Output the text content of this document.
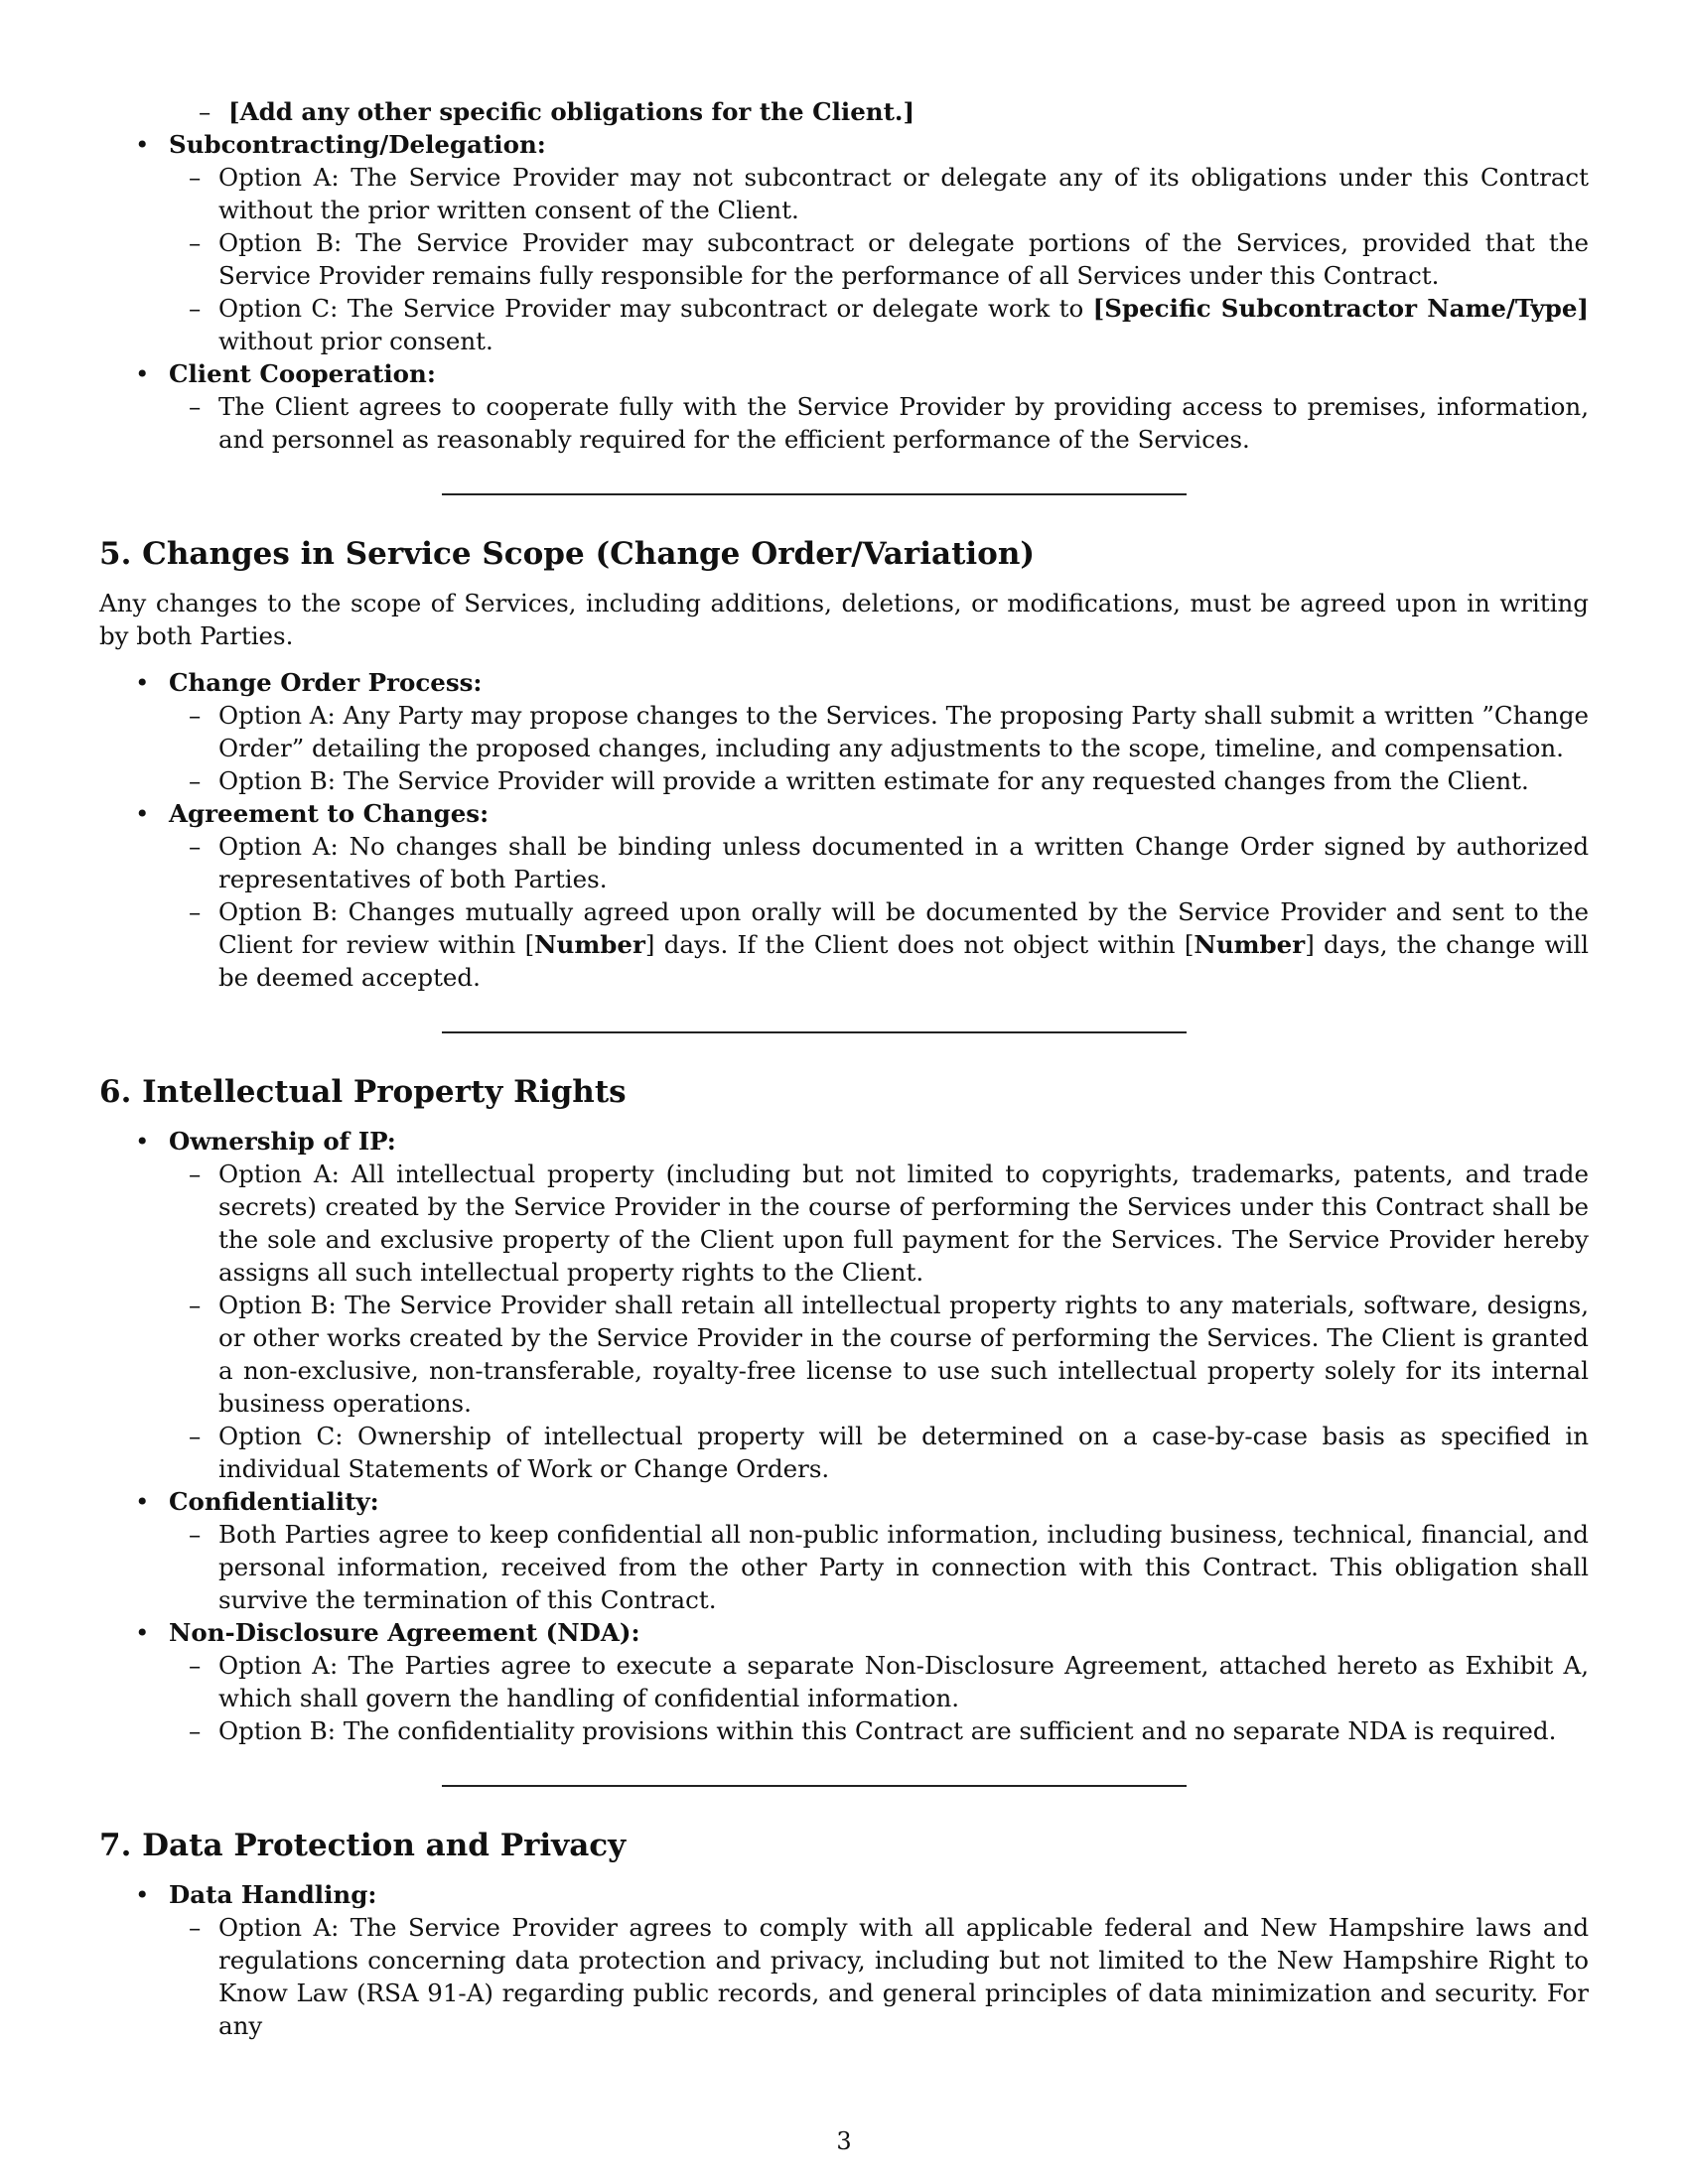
– [Add any other specific obligations for the Client.]
• Subcontracting/Delegation:
– Option A: The Service Provider may not subcontract or delegate any of its obligations under this Contract without the prior written consent of the Client.
– Option B: The Service Provider may subcontract or delegate portions of the Services, provided that the Service Provider remains fully responsible for the performance of all Services under this Contract.
– Option C: The Service Provider may subcontract or delegate work to [Specific Subcontractor Name/Type] without prior consent.
• Client Cooperation:
– The Client agrees to cooperate fully with the Service Provider by providing access to premises, information, and personnel as reasonably required for the efficient performance of the Services.
5. Changes in Service Scope (Change Order/Variation)

Any changes to the scope of Services, including additions, deletions, or modifications, must be agreed upon in writing by both Parties.

• Change Order Process:
– Option A: Any Party may propose changes to the Services. The proposing Party shall submit a written ”Change Order” detailing the proposed changes, including any adjustments to the scope, timeline, and compensation.
– Option B: The Service Provider will provide a written estimate for any requested changes from the Client.
• Agreement to Changes:
– Option A: No changes shall be binding unless documented in a written Change Order signed by authorized representatives of both Parties.
– Option B: Changes mutually agreed upon orally will be documented by the Service Provider and sent to the Client for review within [Number] days. If the Client does not object within [Number] days, the change will be deemed accepted.
6. Intellectual Property Rights
• Ownership of IP:
– Option A: All intellectual property (including but not limited to copyrights, trademarks, patents, and trade secrets) created by the Service Provider in the course of performing the Services under this Contract shall be the sole and exclusive property of the Client upon full payment for the Services. The Service Provider hereby assigns all such intellectual property rights to the Client.
– Option B: The Service Provider shall retain all intellectual property rights to any materials, software, designs, or other works created by the Service Provider in the course of performing the Services. The Client is granted a non-exclusive, non-transferable, royalty-free license to use such intellectual property solely for its internal business operations.
– Option C: Ownership of intellectual property will be determined on a case-by-case basis as specified in individual Statements of Work or Change Orders.
• Confidentiality:
– Both Parties agree to keep confidential all non-public information, including business, technical, financial, and personal information, received from the other Party in connection with this Contract. This obligation shall survive the termination of this Contract.
• Non-Disclosure Agreement (NDA):
– Option A: The Parties agree to execute a separate Non-Disclosure Agreement, attached hereto as Exhibit A, which shall govern the handling of confidential information.
– Option B: The confidentiality provisions within this Contract are sufficient and no separate NDA is required.
7. Data Protection and Privacy
• Data Handling:
– Option A: The Service Provider agrees to comply with all applicable federal and New Hampshire laws and regulations concerning data protection and privacy, including but not limited to the New Hampshire Right to Know Law (RSA 91-A) regarding public records, and general principles of data minimization and security. For any
3
